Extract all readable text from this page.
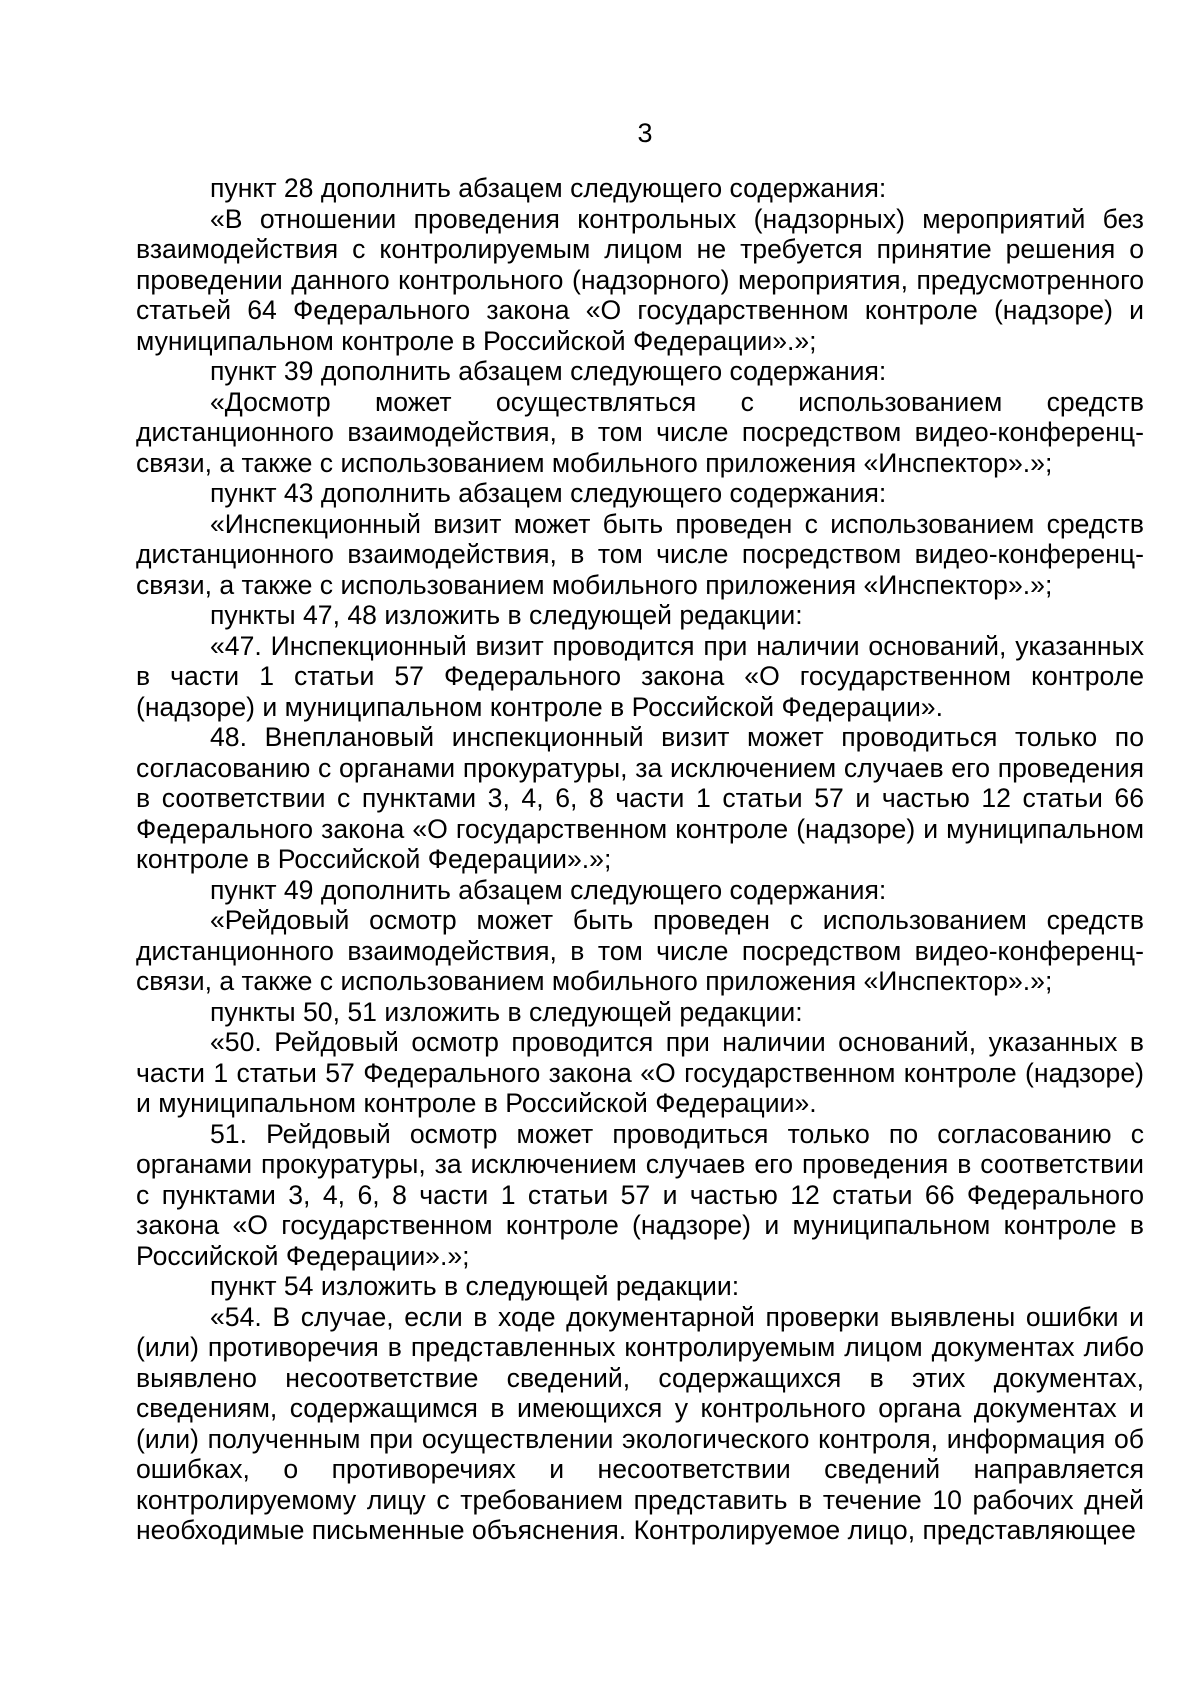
3

пункт 28 дополнить абзацем следующего содержания:

«В отношении проведения контрольных (надзорных) мероприятий без взаимодействия с контролируемым лицом не требуется принятие решения о проведении данного контрольного (надзорного) мероприятия, предусмотренного статьей 64 Федерального закона «О государственном контроле (надзоре) и муниципальном контроле в Российской Федерации».»;

пункт 39 дополнить абзацем следующего содержания:

«Досмотр может осуществляться с использованием средств дистанционного взаимодействия, в том числе посредством видео-конференц-связи, а также с использованием мобильного приложения «Инспектор».»;

пункт 43 дополнить абзацем следующего содержания:

«Инспекционный визит может быть проведен с использованием средств дистанционного взаимодействия, в том числе посредством видео-конференц-связи, а также с использованием мобильного приложения «Инспектор».»;

пункты 47, 48 изложить в следующей редакции:

«47. Инспекционный визит проводится при наличии оснований, указанных в части 1 статьи 57 Федерального закона «О государственном контроле (надзоре) и муниципальном контроле в Российской Федерации».

48. Внеплановый инспекционный визит может проводиться только по согласованию с органами прокуратуры, за исключением случаев его проведения в соответствии с пунктами 3, 4, 6, 8 части 1 статьи 57 и частью 12 статьи 66 Федерального закона «О государственном контроле (надзоре) и муниципальном контроле в Российской Федерации».»;

пункт 49 дополнить абзацем следующего содержания:

«Рейдовый осмотр может быть проведен с использованием средств дистанционного взаимодействия, в том числе посредством видео-конференц-связи, а также с использованием мобильного приложения «Инспектор».»;

пункты 50, 51 изложить в следующей редакции:

«50. Рейдовый осмотр проводится при наличии оснований, указанных в части 1 статьи 57 Федерального закона «О государственном контроле (надзоре) и муниципальном контроле в Российской Федерации».

51. Рейдовый осмотр может проводиться только по согласованию с органами прокуратуры, за исключением случаев его проведения в соответствии с пунктами 3, 4, 6, 8 части 1 статьи 57 и частью 12 статьи 66 Федерального закона «О государственном контроле (надзоре) и муниципальном контроле в Российской Федерации».»;

пункт 54 изложить в следующей редакции:

«54. В случае, если в ходе документарной проверки выявлены ошибки и (или) противоречия в представленных контролируемым лицом документах либо выявлено несоответствие сведений, содержащихся в этих документах, сведениям, содержащимся в имеющихся у контрольного органа документах и (или) полученным при осуществлении экологического контроля, информация об ошибках, о противоречиях и несоответствии сведений направляется контролируемому лицу с требованием представить в течение 10 рабочих дней необходимые письменные объяснения. Контролируемое лицо, представляющее
